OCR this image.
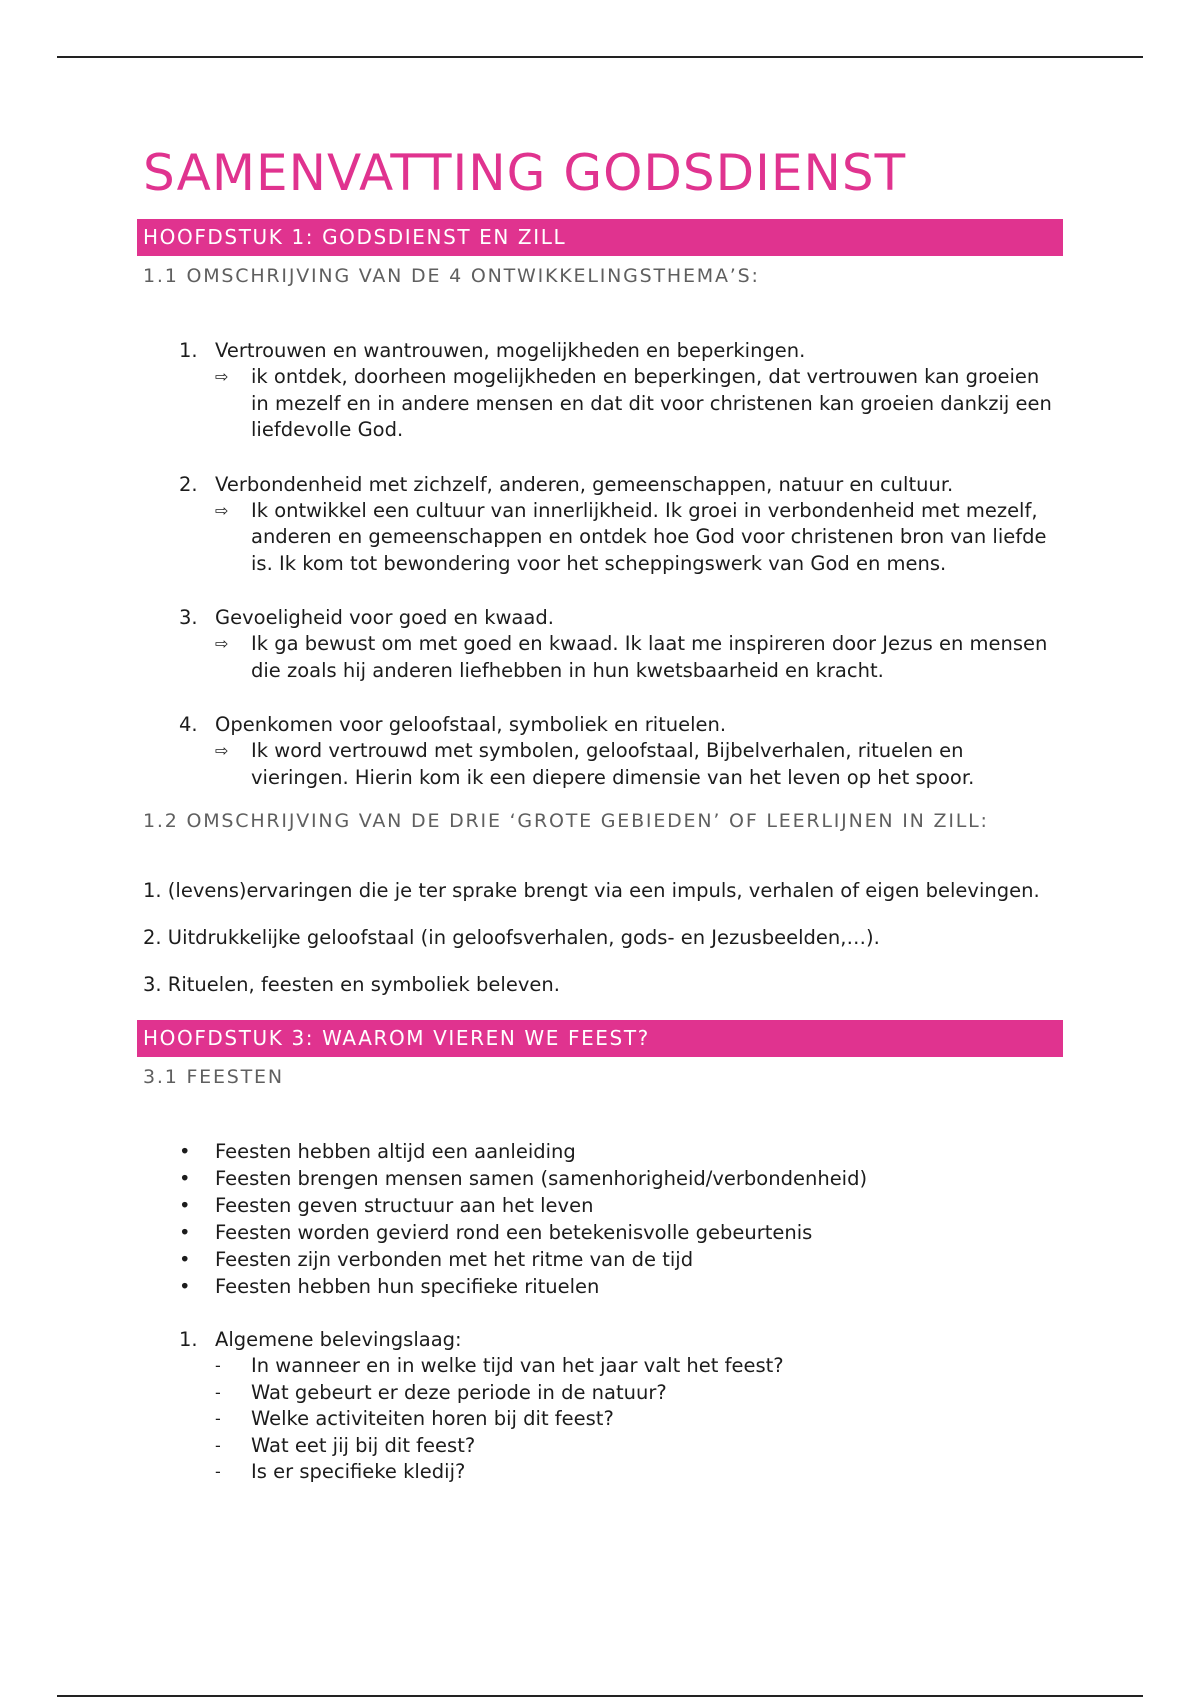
SAMENVATTING GODSDIENST
HOOFDSTUK 1: GODSDIENST EN ZILL
1.1 OMSCHRIJVING VAN DE 4 ONTWIKKELINGSTHEMA’S:
1. Vertrouwen en wantrouwen, mogelijkheden en beperkingen.
⇨ ik ontdek, doorheen mogelijkheden en beperkingen, dat vertrouwen kan groeien in mezelf en in andere mensen en dat dit voor christenen kan groeien dankzij een liefdevolle God.
2. Verbondenheid met zichzelf, anderen, gemeenschappen, natuur en cultuur.
⇨ Ik ontwikkel een cultuur van innerlijkheid. Ik groei in verbondenheid met mezelf, anderen en gemeenschappen en ontdek hoe God voor christenen bron van liefde is. Ik kom tot bewondering voor het scheppingswerk van God en mens.
3. Gevoeligheid voor goed en kwaad.
⇨ Ik ga bewust om met goed en kwaad. Ik laat me inspireren door Jezus en mensen die zoals hij anderen liefhebben in hun kwetsbaarheid en kracht.
4. Openkomen voor geloofstaal, symboliek en rituelen.
⇨ Ik word vertrouwd met symbolen, geloofstaal, Bijbelverhalen, rituelen en vieringen. Hierin kom ik een diepere dimensie van het leven op het spoor.
1.2 OMSCHRIJVING VAN DE DRIE ‘GROTE GEBIEDEN’ OF LEERLIJNEN IN ZILL:

1. (levens)ervaringen die je ter sprake brengt via een impuls, verhalen of eigen belevingen.

2. Uitdrukkelijke geloofstaal (in geloofsverhalen, gods- en Jezusbeelden,…).

3. Rituelen, feesten en symboliek beleven.

HOOFDSTUK 3: WAAROM VIEREN WE FEEST?
3.1 FEESTEN
• Feesten hebben altijd een aanleiding
• Feesten brengen mensen samen (samenhorigheid/verbondenheid)
• Feesten geven structuur aan het leven
• Feesten worden gevierd rond een betekenisvolle gebeurtenis
• Feesten zijn verbonden met het ritme van de tijd
• Feesten hebben hun specifieke rituelen
1. Algemene belevingslaag:
- In wanneer en in welke tijd van het jaar valt het feest?
- Wat gebeurt er deze periode in de natuur?
- Welke activiteiten horen bij dit feest?
- Wat eet jij bij dit feest?
- Is er specifieke kledij?
